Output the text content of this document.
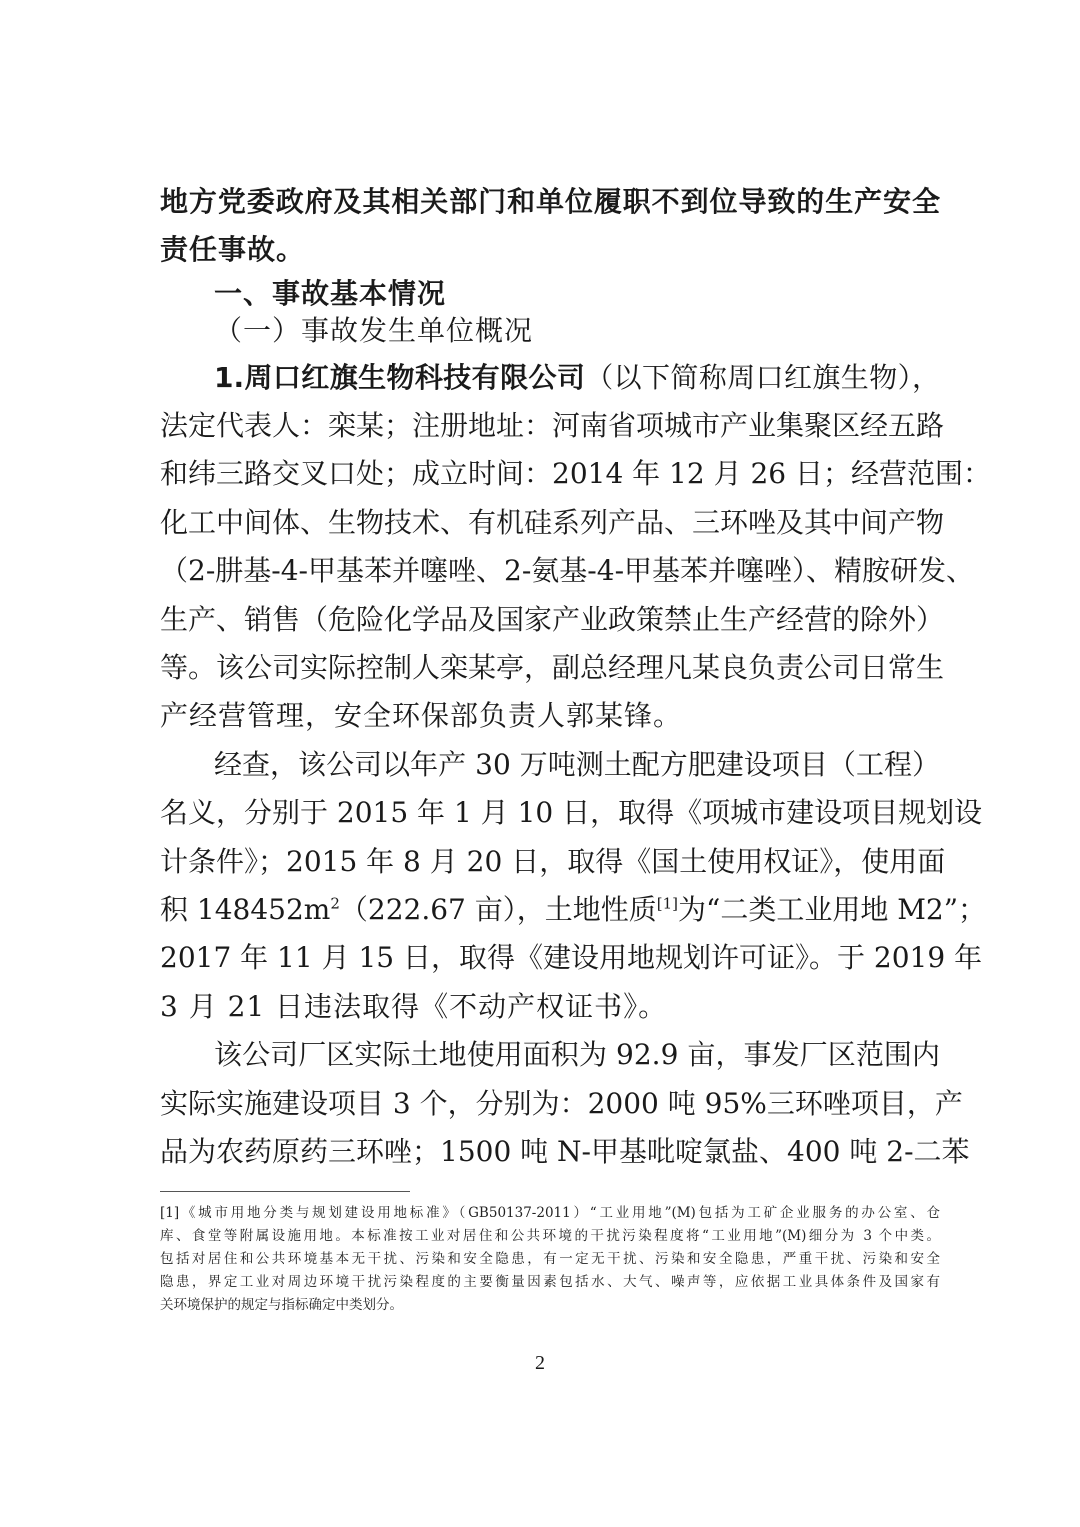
地方党委政府及其相关部门和单位履职不到位导致的生产安全
责任事故。
一、事故基本情况
（一）事故发生单位概况
1.周口红旗生物科技有限公司（以下简称周口红旗生物），
法定代表人：栾某；注册地址：河南省项城市产业集聚区经五路
和纬三路交叉口处；成立时间：2014 年 12 月 26 日；经营范围：
化工中间体、生物技术、有机硅系列产品、三环唑及其中间产物
（2-肼基-4-甲基苯并噻唑、2-氨基-4-甲基苯并噻唑）、精胺研发、
生产、销售（危险化学品及国家产业政策禁止生产经营的除外）
等。该公司实际控制人栾某亭，副总经理凡某良负责公司日常生
产经营管理，安全环保部负责人郭某锋。
经查，该公司以年产 30 万吨测土配方肥建设项目（工程）
名义，分别于 2015 年 1 月 10 日，取得《项城市建设项目规划设
计条件》；2015 年 8 月 20 日，取得《国土使用权证》，使用面
积 $148452m^2(222.67$ 亩），土地性质[1]为“二类工业用地 M2”；
2017 年 11 月 15 日，取得《建设用地规划许可证》。于 2019 年
3 月 21 日违法取得《不动产权证书》。
该公司厂区实际土地使用面积为 92.9 亩，事发厂区范围内
实际实施建设项目 3 个，分别为：2000 吨 95%三环唑项目，产
品为农药原药三环唑；1500 吨 N-甲基吡啶氯盐、400 吨 2-二苯
[1]《城市用地分类与规划建设用地标准》（GB50137-2011）“工业用地”(M)包括为工矿企业服务的办公室、仓
库、食堂等附属设施用地。本标准按工业对居住和公共环境的干扰污染程度将“工业用地”(M)细分为 3 个中类。
包括对居住和公共环境基本无干扰、污染和安全隐患，有一定无干扰、污染和安全隐患，严重干扰、污染和安全
隐患，界定工业对周边环境干扰污染程度的主要衡量因素包括水、大气、噪声等，应依据工业具体条件及国家有
关环境保护的规定与指标确定中类划分。
2
